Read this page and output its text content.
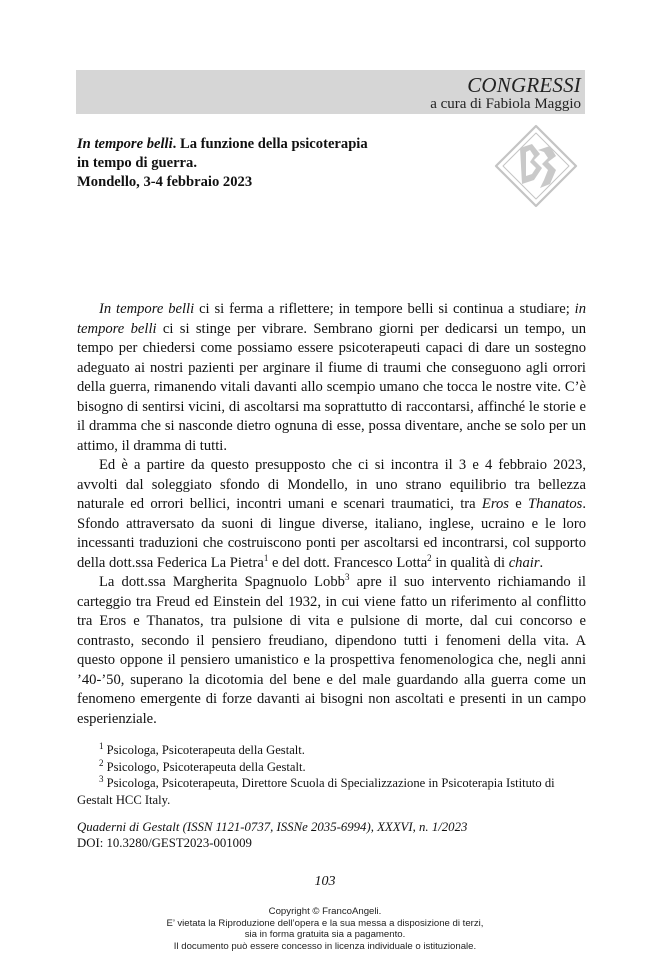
CONGRESSI
a cura di Fabiola Maggio
In tempore belli. La funzione della psicoterapia
in tempo di guerra.
Mondello, 3-4 febbraio 2023

In tempore belli ci si ferma a riflettere; in tempore belli si continua a studiare; in tempore belli ci si stinge per vibrare. Sembrano giorni per dedicarsi un tempo, un tempo per chiedersi come possiamo essere psicoterapeuti capaci di dare un sostegno adeguato ai nostri pazienti per arginare il fiume di traumi che conseguono agli orrori della guerra, rimanendo vitali davanti allo scempio umano che tocca le nostre vite. C’è bisogno di sentirsi vicini, di ascoltarsi ma soprattutto di raccontarsi, affinché le storie e il dramma che si nasconde dietro ognuna di esse, possa diventare, anche se solo per un attimo, il dramma di tutti.

Ed è a partire da questo presupposto che ci si incontra il 3 e 4 febbraio 2023, avvolti dal soleggiato sfondo di Mondello, in uno strano equilibrio tra bellezza naturale ed orrori bellici, incontri umani e scenari traumatici, tra Eros e Thanatos. Sfondo attraversato da suoni di lingue diverse, italiano, inglese, ucraino e le loro incessanti traduzioni che costruiscono ponti per ascoltarsi ed incontrarsi, col supporto della dott.ssa Federica La Pietra$^1$ e del dott. Francesco Lotta$^2$ in qualità di chair.

La dott.ssa Margherita Spagnuolo Lobb$^3$ apre il suo intervento richiamando il carteggio tra Freud ed Einstein del 1932, in cui viene fatto un riferimento al conflitto tra Eros e Thanatos, tra pulsione di vita e pulsione di morte, dal cui concorso e contrasto, secondo il pensiero freudiano, dipendono tutti i fenomeni della vita. A questo oppone il pensiero umanistico e la prospettiva fenomenologica che, negli anni ’40-’50, superano la dicotomia del bene e del male guardando alla guerra come un fenomeno emergente di forze davanti ai bisogni non ascoltati e presenti in un campo esperienziale.

$^1$ Psicologa, Psicoterapeuta della Gestalt.

$^2$ Psicologo, Psicoterapeuta della Gestalt.

$^3$ Psicologa, Psicoterapeuta, Direttore Scuola di Specializzazione in Psicoterapia Istituto di Gestalt HCC Italy.

Quaderni di Gestalt (ISSN 1121-0737, ISSNe 2035-6994), XXXVI, n. 1/2023
DOI: 10.3280/GEST2023-001009
103
Copyright © FrancoAngeli.
E’ vietata la Riproduzione dell’opera e la sua messa a disposizione di terzi,
sia in forma gratuita sia a pagamento.
Il documento può essere concesso in licenza individuale o istituzionale.
